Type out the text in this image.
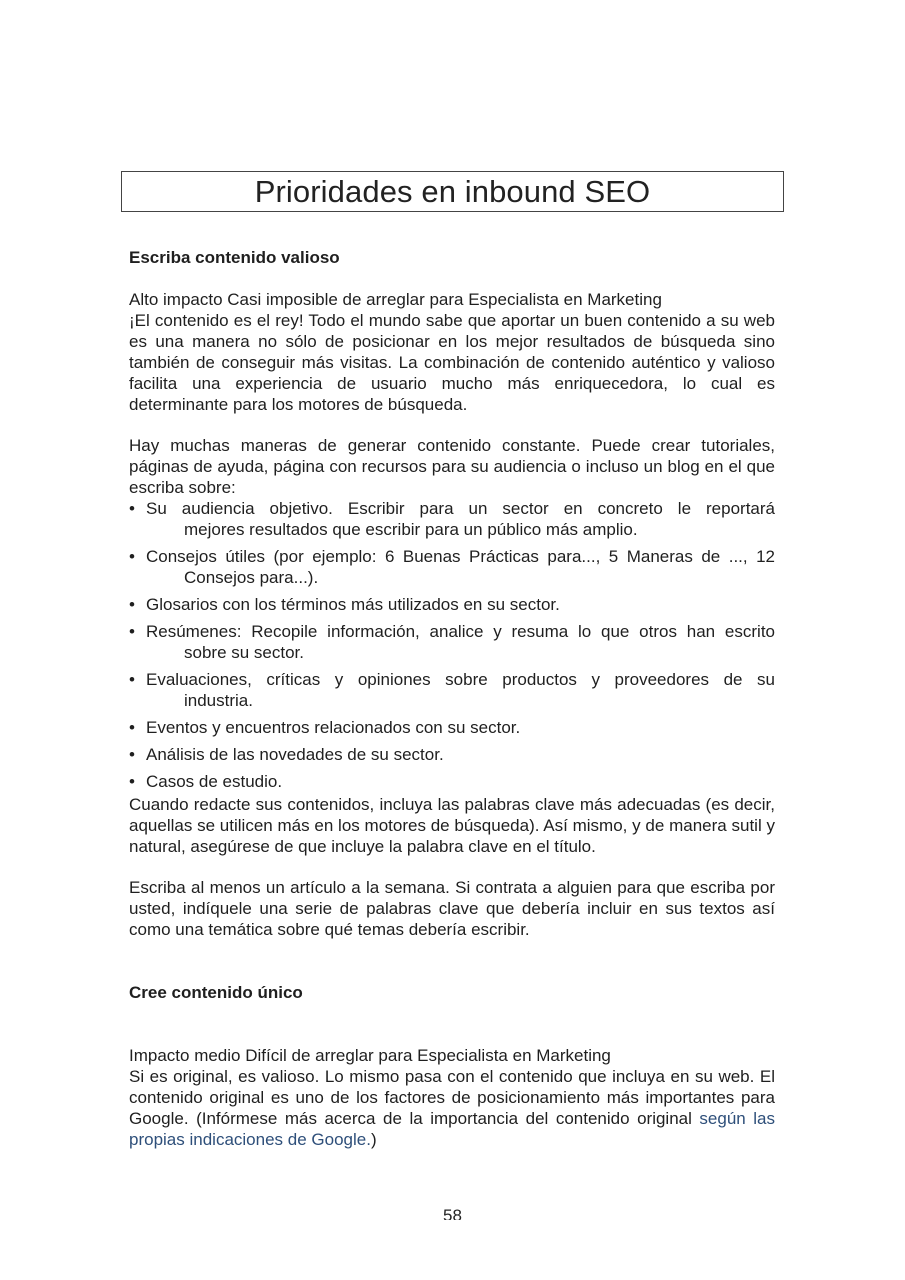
Prioridades en inbound SEO

Escriba contenido valioso

Alto impacto Casi imposible de arreglar para Especialista en Marketing

¡El contenido es el rey! Todo el mundo sabe que aportar un buen contenido a su web es una manera no sólo de posicionar en los mejor resultados de búsqueda sino también de conseguir más visitas. La combinación de contenido auténtico y valioso facilita una experiencia de usuario mucho más enriquecedora, lo cual es determinante para los motores de búsqueda.

Hay muchas maneras de generar contenido constante. Puede crear tutoriales, páginas de ayuda, página con recursos para su audiencia o incluso un blog en el que escriba sobre:

• Su audiencia objetivo. Escribir para un sector en concreto le reportará
mejores resultados que escribir para un público más amplio.
• Consejos útiles (por ejemplo: 6 Buenas Prácticas para..., 5 Maneras de ..., 12
Consejos para...).
• Glosarios con los términos más utilizados en su sector.
• Resúmenes: Recopile información, analice y resuma lo que otros han escrito
sobre su sector.
• Evaluaciones, críticas y opiniones sobre productos y proveedores de su
industria.
• Eventos y encuentros relacionados con su sector.
• Análisis de las novedades de su sector.
• Casos de estudio.

Cuando redacte sus contenidos, incluya las palabras clave más adecuadas (es decir, aquellas se utilicen más en los motores de búsqueda). Así mismo, y de manera sutil y natural, asegúrese de que incluye la palabra clave en el título.

Escriba al menos un artículo a la semana. Si contrata a alguien para que escriba por usted, indíquele una serie de palabras clave que debería incluir en sus textos así como una temática sobre qué temas debería escribir.

Cree contenido único

Impacto medio Difícil de arreglar para Especialista en Marketing

Si es original, es valioso. Lo mismo pasa con el contenido que incluya en su web. El contenido original es uno de los factores de posicionamiento más importantes para Google. (Infórmese más acerca de la importancia del contenido original según las propias indicaciones de Google.)

58
